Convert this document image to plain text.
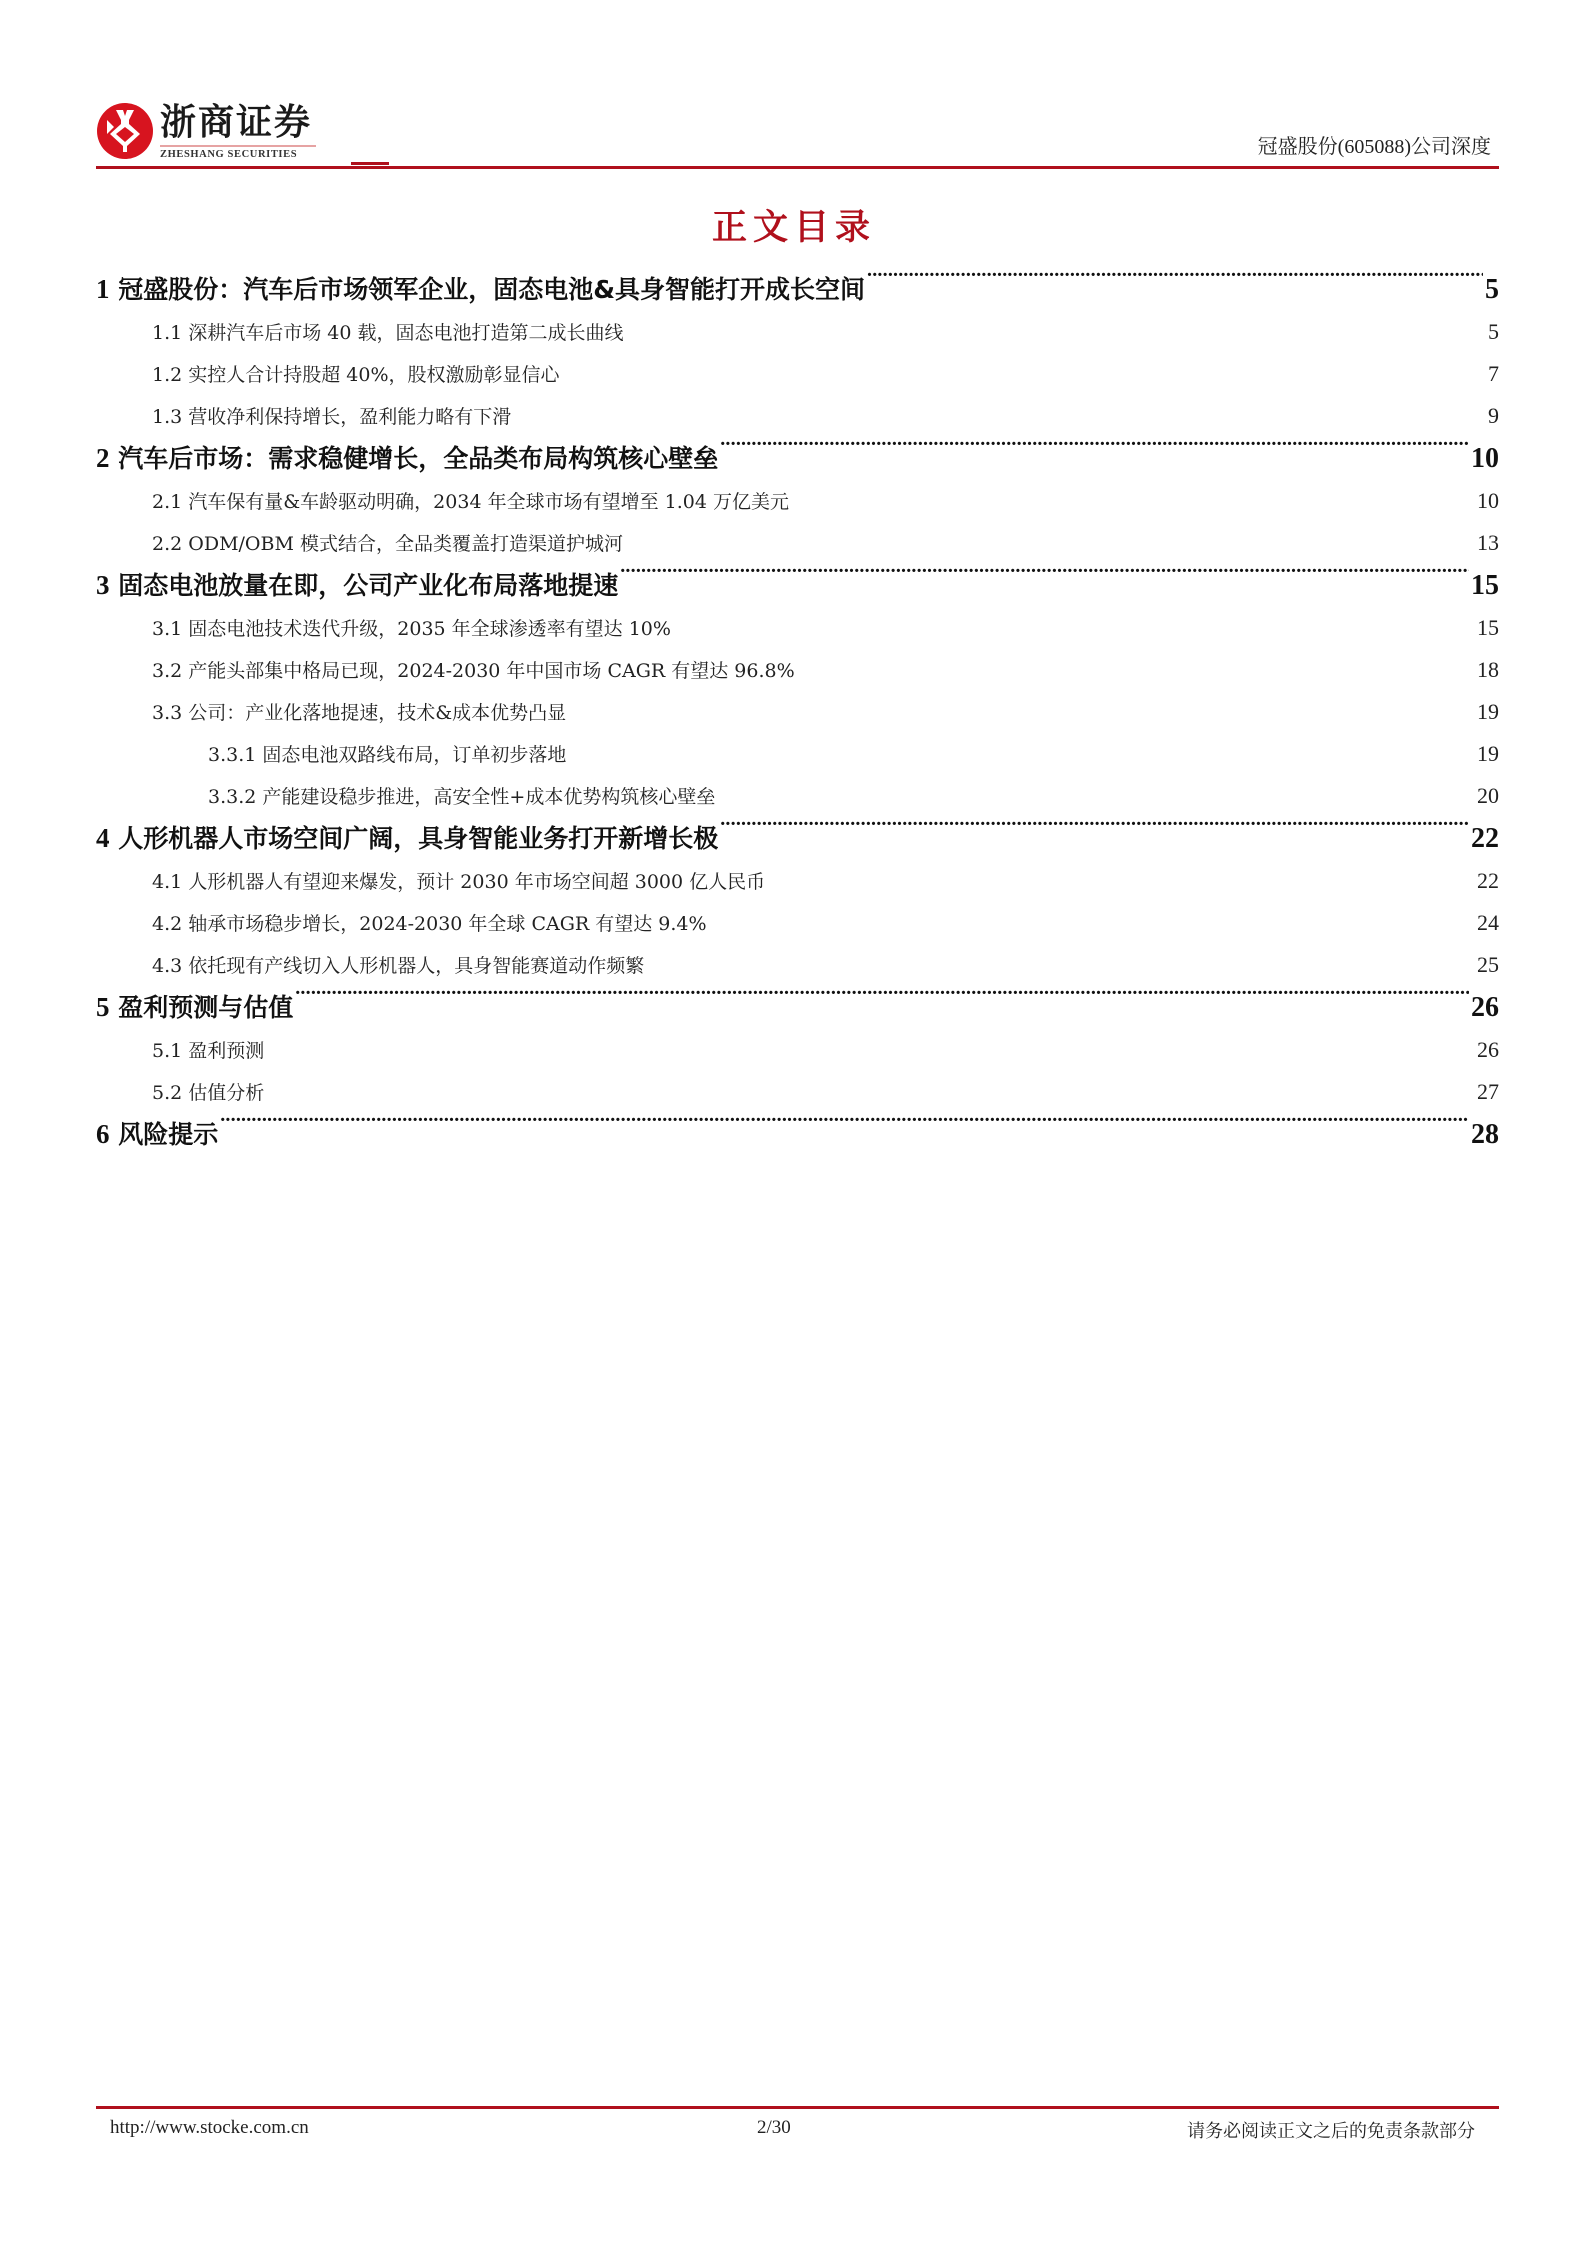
浙商证券
ZHESHANG SECURITIES	冠盛股份(605088)公司深度
正文目录
1 冠盛股份：汽车后市场领军企业，固态电池&具身智能打开成长空间 .....	5
1.1 深耕汽车后市场 40 载，固态电池打造第二成长曲线 .....	5
1.2 实控人合计持股超 40%，股权激励彰显信心 .....	7
1.3 营收净利保持增长，盈利能力略有下滑 .....	9
2 汽车后市场：需求稳健增长，全品类布局构筑核心壁垒 .....	10
2.1 汽车保有量&车龄驱动明确，2034 年全球市场有望增至 1.04 万亿美元 .....	10
2.2 ODM/OBM 模式结合，全品类覆盖打造渠道护城河 .....	13
3 固态电池放量在即，公司产业化布局落地提速 .....	15
3.1 固态电池技术迭代升级，2035 年全球渗透率有望达 10% .....	15
3.2 产能头部集中格局已现，2024-2030 年中国市场 CAGR 有望达 96.8% .....	18
3.3 公司：产业化落地提速，技术&成本优势凸显 .....	19
3.3.1 固态电池双路线布局，订单初步落地 .....	19
3.3.2 产能建设稳步推进，高安全性+成本优势构筑核心壁垒 .....	20
4 人形机器人市场空间广阔，具身智能业务打开新增长极 .....	22
4.1 人形机器人有望迎来爆发，预计 2030 年市场空间超 3000 亿人民币 .....	22
4.2 轴承市场稳步增长，2024-2030 年全球 CAGR 有望达 9.4% .....	24
4.3 依托现有产线切入人形机器人，具身智能赛道动作频繁 .....	25
5 盈利预测与估值 .....	26
5.1 盈利预测 .....	26
5.2 估值分析 .....	27
6 风险提示 .....	28
http://www.stocke.com.cn	2/30	请务必阅读正文之后的免责条款部分
